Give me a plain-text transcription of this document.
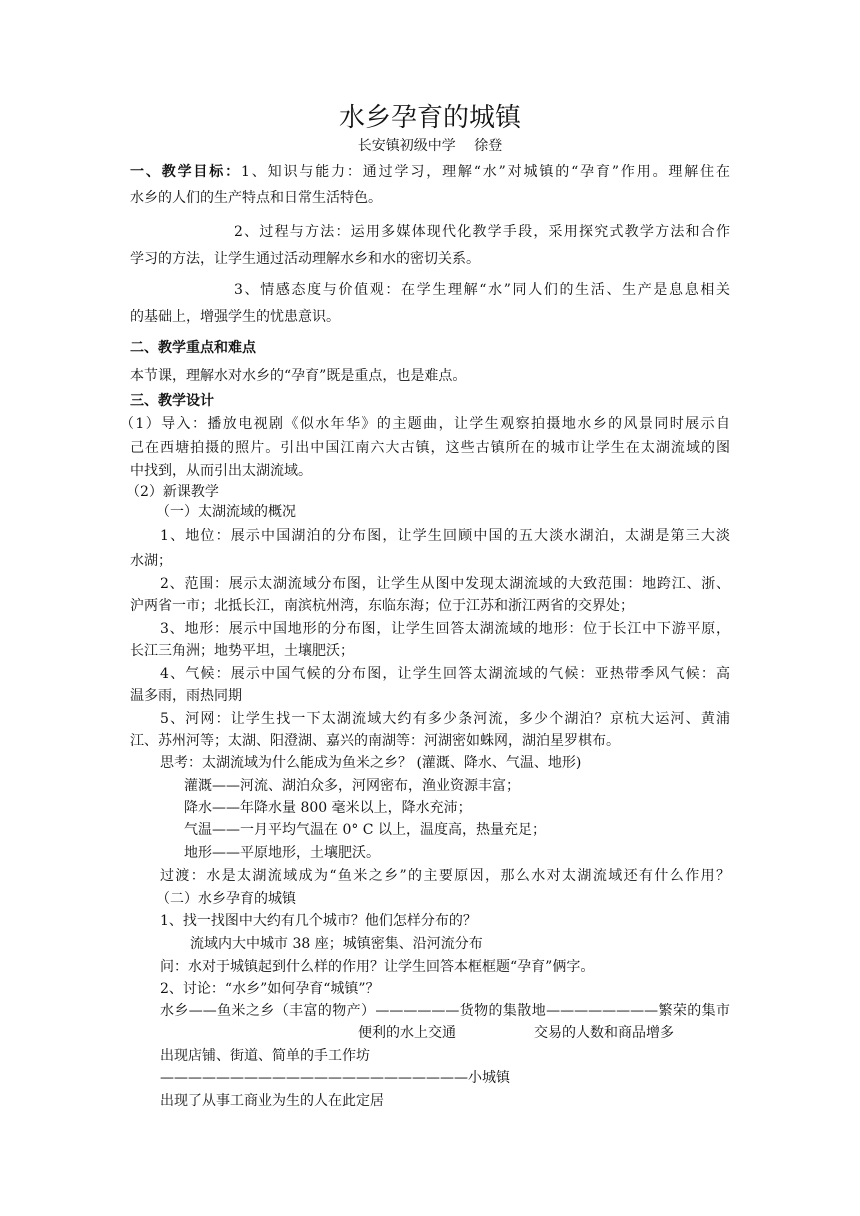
水乡孕育的城镇
长安镇初级中学　 徐登
一、教学目标：1、知识与能力：通过学习，理解“水”对城镇的“孕育”作用。理解住在
水乡的人们的生产特点和日常生活特色。
2、过程与方法：运用多媒体现代化教学手段，采用探究式教学方法和合作
学习的方法，让学生通过活动理解水乡和水的密切关系。
3、情感态度与价值观：在学生理解“水”同人们的生活、生产是息息相关
的基础上，增强学生的忧患意识。
二、教学重点和难点
本节课，理解水对水乡的“孕育”既是重点，也是难点。
三、教学设计
（1）导入：播放电视剧《似水年华》的主题曲，让学生观察拍摄地水乡的风景同时展示自
己在西塘拍摄的照片。引出中国江南六大古镇，这些古镇所在的城市让学生在太湖流域的图
中找到，从而引出太湖流域。
（2）新课教学
（一）太湖流域的概况
1、地位：展示中国湖泊的分布图，让学生回顾中国的五大淡水湖泊，太湖是第三大淡
水湖；
2、范围：展示太湖流域分布图，让学生从图中发现太湖流域的大致范围：地跨江、浙、
沪两省一市；北抵长江，南滨杭州湾，东临东海；位于江苏和浙江两省的交界处；
3、地形：展示中国地形的分布图，让学生回答太湖流域的地形：位于长江中下游平原，
长江三角洲；地势平坦，土壤肥沃；
4、气候：展示中国气候的分布图，让学生回答太湖流域的气候：亚热带季风气候：高
温多雨，雨热同期
5、河网：让学生找一下太湖流域大约有多少条河流，多少个湖泊？京杭大运河、黄浦
江、苏州河等；太湖、阳澄湖、嘉兴的南湖等：河湖密如蛛网，湖泊星罗棋布。
思考：太湖流域为什么能成为鱼米之乡？ (灌溉、降水、气温、地形)
灌溉——河流、湖泊众多，河网密布，渔业资源丰富；
降水——年降水量 800 毫米以上，降水充沛；
气温——一月平均气温在 0° C 以上，温度高，热量充足；
地形——平原地形，土壤肥沃。
过渡：水是太湖流域成为“鱼米之乡”的主要原因，那么水对太湖流域还有什么作用？
（二）水乡孕育的城镇
1、找一找图中大约有几个城市？他们怎样分布的？
流域内大中城市 38 座；城镇密集、沿河流分布
问：水对于城镇起到什么样的作用？让学生回答本框框题“孕育”俩字。
2、讨论：“水乡”如何孕育“城镇”？
水乡——鱼米之乡（丰富的物产）——————货物的集散地————————繁荣的集市
便利的水上交通	交易的人数和商品增多
出现店铺、街道、简单的手工作坊
——————————————————————小城镇
出现了从事工商业为生的人在此定居
